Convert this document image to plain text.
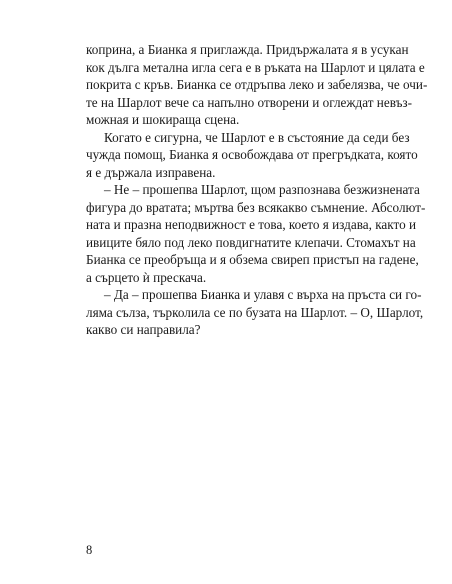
коприна, а Бианка я приглажда. Придържалата я в усукан
кок дълга метална игла сега е в ръката на Шарлот и цялата е
покрита с кръв. Бианка се отдръпва леко и забелязва, че очи-
те на Шарлот вече са напълно отворени и оглеждат невъз-
можная и шокираща сцена.
Когато е сигурна, че Шарлот е в състояние да седи без
чужда помощ, Бианка я освобождава от прегръдката, която
я е държала изправена.
– Не – прошепва Шарлот, щом разпознава безжизнената
фигура до вратата; мъртва без всякакво съмнение. Абсолют-
ната и празна неподвижност е това, което я издава, както и
ивиците бяло под леко повдигнатите клепачи. Стомахът на
Бианка се преобръща и я обзема свиреп пристъп на гадене,
а сърцето ѝ прескача.
– Да – прошепва Бианка и улавя с върха на пръста си го-
ляма сълза, търколила се по бузата на Шарлот. – О, Шарлот,
какво си направила?
8
